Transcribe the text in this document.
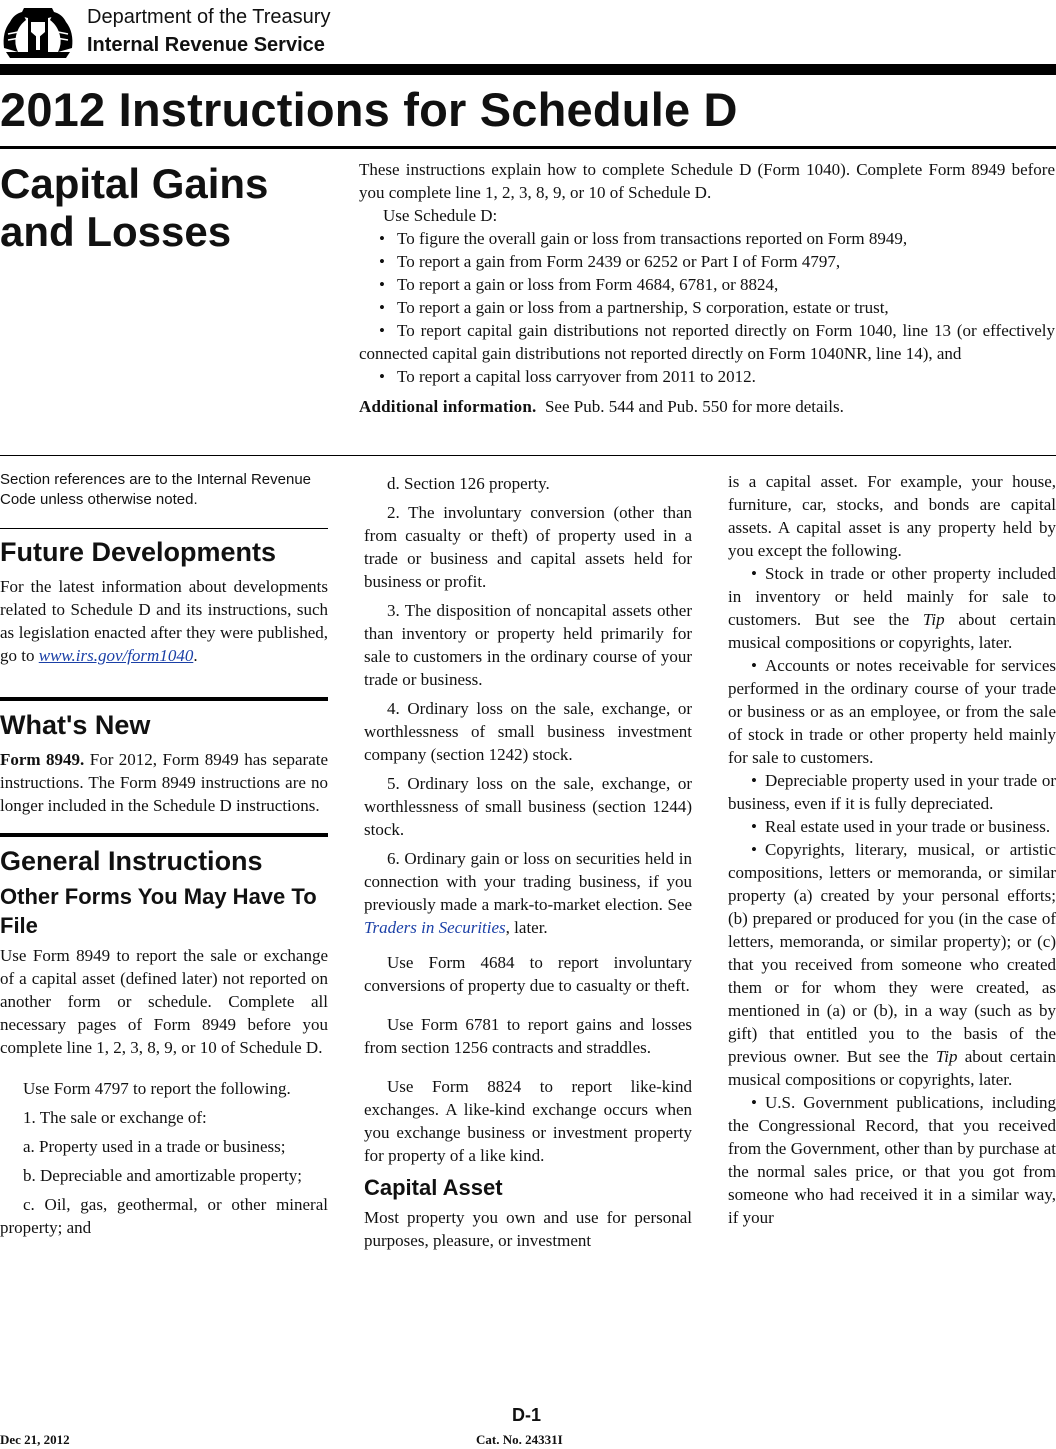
Department of the Treasury
Internal Revenue Service
2012 Instructions for Schedule D
Capital Gains
and Losses

These instructions explain how to complete Schedule D (Form 1040). Complete Form 8949 before you complete line 1, 2, 3, 8, 9, or 10 of Schedule D.

Use Schedule D:

• To figure the overall gain or loss from transactions reported on Form 8949,

• To report a gain from Form 2439 or 6252 or Part I of Form 4797,

• To report a gain or loss from Form 4684, 6781, or 8824,

• To report a gain or loss from a partnership, S corporation, estate or trust,

• To report capital gain distributions not reported directly on Form 1040, line 13 (or effectively connected capital gain distributions not reported directly on Form 1040NR, line 14), and

• To report a capital loss carryover from 2011 to 2012.

Additional information. See Pub. 544 and Pub. 550 for more details.

Section references are to the Internal Revenue Code unless otherwise noted.

Future Developments

For the latest information about developments related to Schedule D and its instructions, such as legislation enacted after they were published, go to www.irs.gov/form1040.

What's New

Form 8949. For 2012, Form 8949 has separate instructions. The Form 8949 instructions are no longer included in the Schedule D instructions.

General Instructions
Other Forms You May Have To File

Use Form 8949 to report the sale or exchange of a capital asset (defined later) not reported on another form or schedule. Complete all necessary pages of Form 8949 before you complete line 1, 2, 3, 8, 9, or 10 of Schedule D.

Use Form 4797 to report the following.

1. The sale or exchange of:

a. Property used in a trade or business;

b. Depreciable and amortizable property;

c. Oil, gas, geothermal, or other mineral property; and

d. Section 126 property.

2. The involuntary conversion (other than from casualty or theft) of property used in a trade or business and capital assets held for business or profit.

3. The disposition of noncapital assets other than inventory or property held primarily for sale to customers in the ordinary course of your trade or business.

4. Ordinary loss on the sale, exchange, or worthlessness of small business investment company (section 1242) stock.

5. Ordinary loss on the sale, exchange, or worthlessness of small business (section 1244) stock.

6. Ordinary gain or loss on securities held in connection with your trading business, if you previously made a mark-to-market election. See Traders in Securities, later.

Use Form 4684 to report involuntary conversions of property due to casualty or theft.

Use Form 6781 to report gains and losses from section 1256 contracts and straddles.

Use Form 8824 to report like-kind exchanges. A like-kind exchange occurs when you exchange business or investment property for property of a like kind.

Capital Asset

Most property you own and use for personal purposes, pleasure, or investment

is a capital asset. For example, your house, furniture, car, stocks, and bonds are capital assets. A capital asset is any property held by you except the following.

• Stock in trade or other property included in inventory or held mainly for sale to customers. But see the Tip about certain musical compositions or copyrights, later.

• Accounts or notes receivable for services performed in the ordinary course of your trade or business or as an employee, or from the sale of stock in trade or other property held mainly for sale to customers.

• Depreciable property used in your trade or business, even if it is fully depreciated.

• Real estate used in your trade or business.

• Copyrights, literary, musical, or artistic compositions, letters or memoranda, or similar property (a) created by your personal efforts; (b) prepared or produced for you (in the case of letters, memoranda, or similar property); or (c) that you received from someone who created them or for whom they were created, as mentioned in (a) or (b), in a way (such as by gift) that entitled you to the basis of the previous owner. But see the Tip about certain musical compositions or copyrights, later.

• U.S. Government publications, including the Congressional Record, that you received from the Government, other than by purchase at the normal sales price, or that you got from someone who had received it in a similar way, if your

D-1
Dec 21, 2012	Cat. No. 24331I
